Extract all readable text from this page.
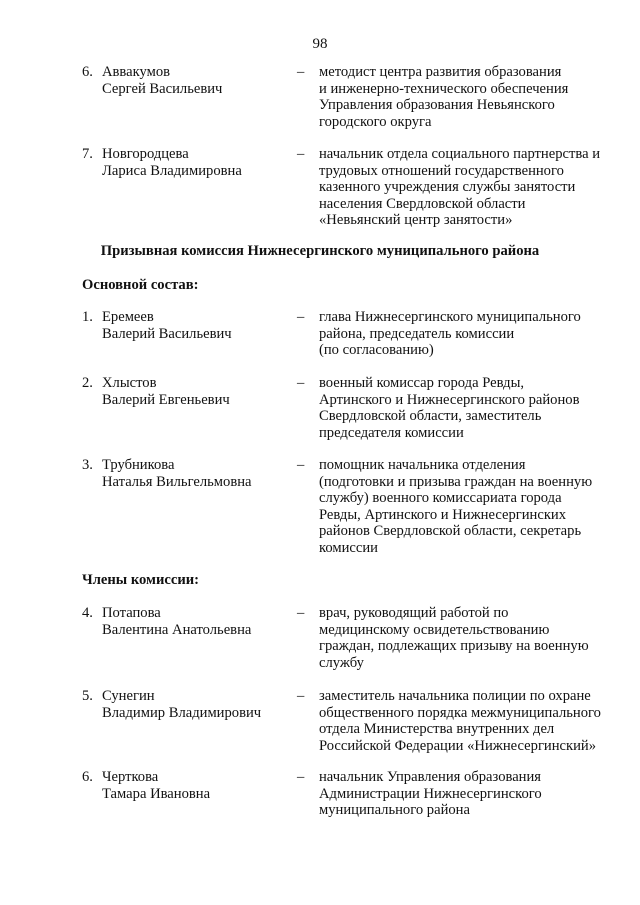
98
6. Аввакумов
Сергей Васильевич
– методист центра развития образования
и инженерно-технического обеспечения
Управления образования Невьянского
городского округа
7. Новгородцева
Лариса Владимировна
– начальник отдела социального партнерства и
трудовых отношений государственного
казенного учреждения службы занятости
населения Свердловской области
«Невьянский центр занятости»
Призывная комиссия Нижнесергинского муниципального района
Основной состав:
1. Еремеев
Валерий Васильевич
– глава Нижнесергинского муниципального
района, председатель комиссии
(по согласованию)
2. Хлыстов
Валерий Евгеньевич
– военный комиссар города Ревды,
Артинского и Нижнесергинского районов
Свердловской области, заместитель
председателя комиссии
3. Трубникова
Наталья Вильгельмовна
– помощник начальника отделения
(подготовки и призыва граждан на военную
службу) военного комиссариата города
Ревды, Артинского и Нижнесергинских
районов Свердловской области, секретарь
комиссии
Члены комиссии:
4. Потапова
Валентина Анатольевна
– врач, руководящий работой по
медицинскому освидетельствованию
граждан, подлежащих призыву на военную
службу
5. Сунегин
Владимир Владимирович
– заместитель начальника полиции по охране
общественного порядка межмуниципального
отдела Министерства внутренних дел
Российской Федерации «Нижнесергинский»
6. Черткова
Тамара Ивановна
– начальник Управления образования
Администрации Нижнесергинского
муниципального района
